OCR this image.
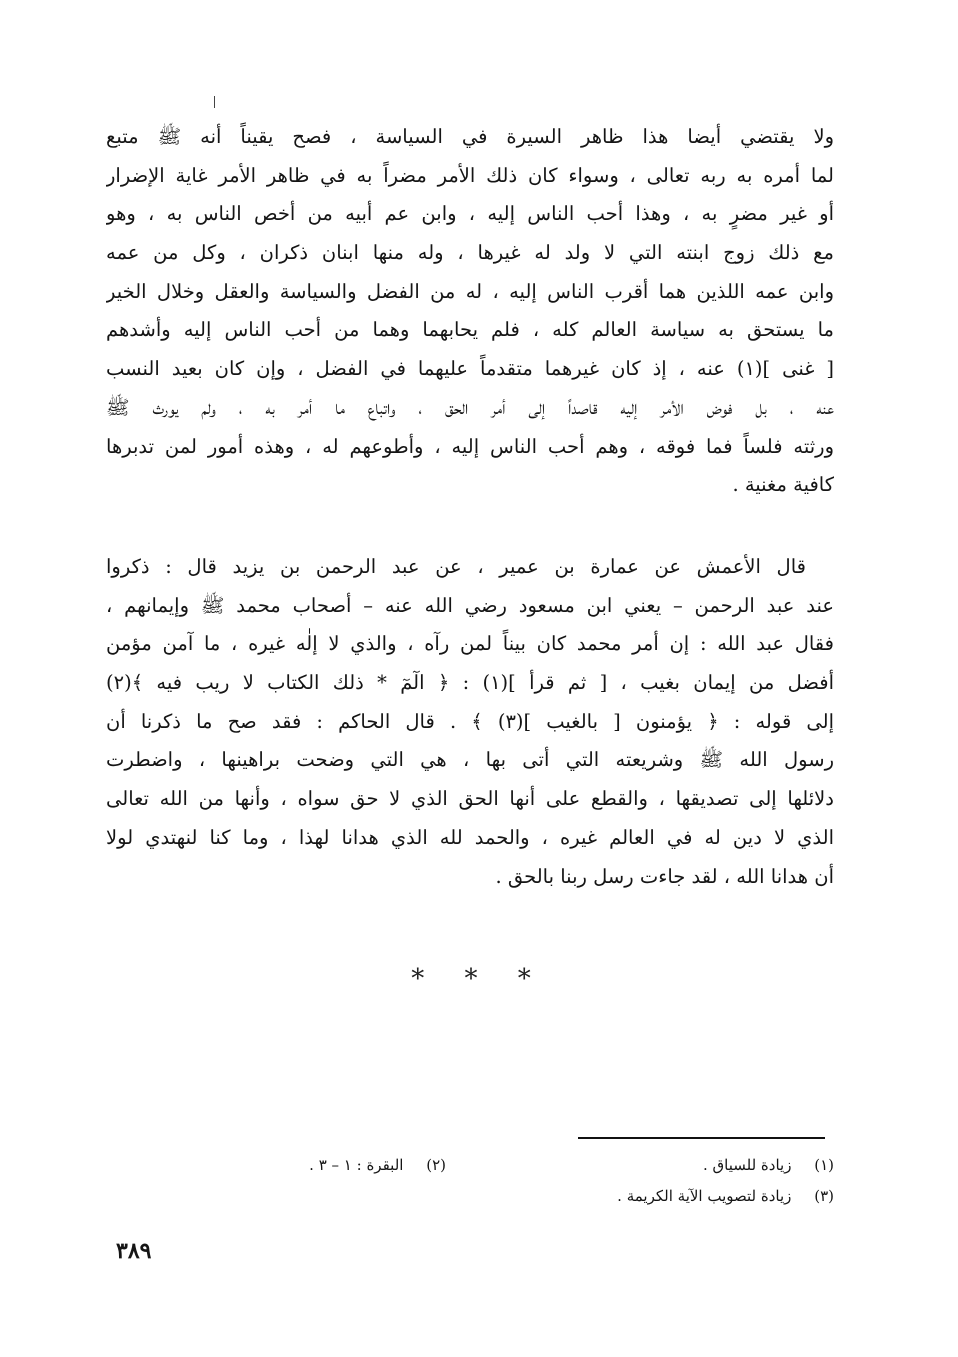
ولا يقتضي أيضا هذا ظاهر السيرة في السياسة ، فصح يقيناً أنه ﷺ متبع
لما أمره به ربه تعالى ، وسواء كان ذلك الأمر مضراً به في ظاهر الأمر غاية الإضرار
أو غير مضرٍ به ، وهذا أحب الناس إليه ، وابن عم أبيه من أخص الناس به ، وهو
مع ذلك زوج ابنته التي لا ولد له غيرها ، وله منها ابنان ذكران ، وكل من عمه
وابن عمه اللذين هما أقرب الناس إليه ، له من الفضل والسياسة والعقل وخلال الخير
ما يستحق به سياسة العالم كله ، فلم يحابهما وهما من أحب الناس إليه وأشدهم
[ غنى ](١) عنه ، إذ كان غيرهما متقدماً عليهما في الفضل ، وإن كان بعيد النسب
عنه ، بل فوض الأمر إليه قاصداً إلى أمر الحق ، واتباع ما أمر به ، ولم يورث ﷺ
ورثته فلساً فما فوقه ، وهم أحب الناس إليه ، وأطوعهم له ، وهذه أمور لمن تدبرها
كافية مغنية .
قال الأعمش عن عمارة بن عمير ، عن عبد الرحمن بن يزيد قال : ذكروا
عند عبد الرحمن – يعني ابن مسعود رضي الله عنه – أصحاب محمد ﷺ وإيمانهم ،
فقال عبد الله : إن أمر محمد كان بيناً لمن رآه ، والذي لا إلٰه غيره ، ما آمن مؤمن
أفضل من إيمان بغيب ، [ ثم قرأ ](١) : ﴿ الٓمٓ * ذلك الكتاب لا ريب فيه ﴾(٢)
إلى قوله : ﴿ يؤمنون [ بالغيب ](٣) ﴾ . قال الحاكم : فقد صح ما ذكرنا أن
رسول الله ﷺ وشريعته التي أتى بها ، هي التي وضحت براهينها ، واضطرت
دلائلها إلى تصديقها ، والقطع على أنها الحق الذي لا حق سواه ، وأنها من الله تعالى
الذي لا دين له في العالم غيره ، والحمد لله الذي هدانا لهذا ، وما كنا لنهتدي لولا
أن هدانا الله ، لقد جاءت رسل ربنا بالحق .
* * *
(١) زيادة للسياق .
(٢) البقرة : ١ – ٣ .
(٣) زيادة لتصويب الآية الكريمة .
٣٨٩
